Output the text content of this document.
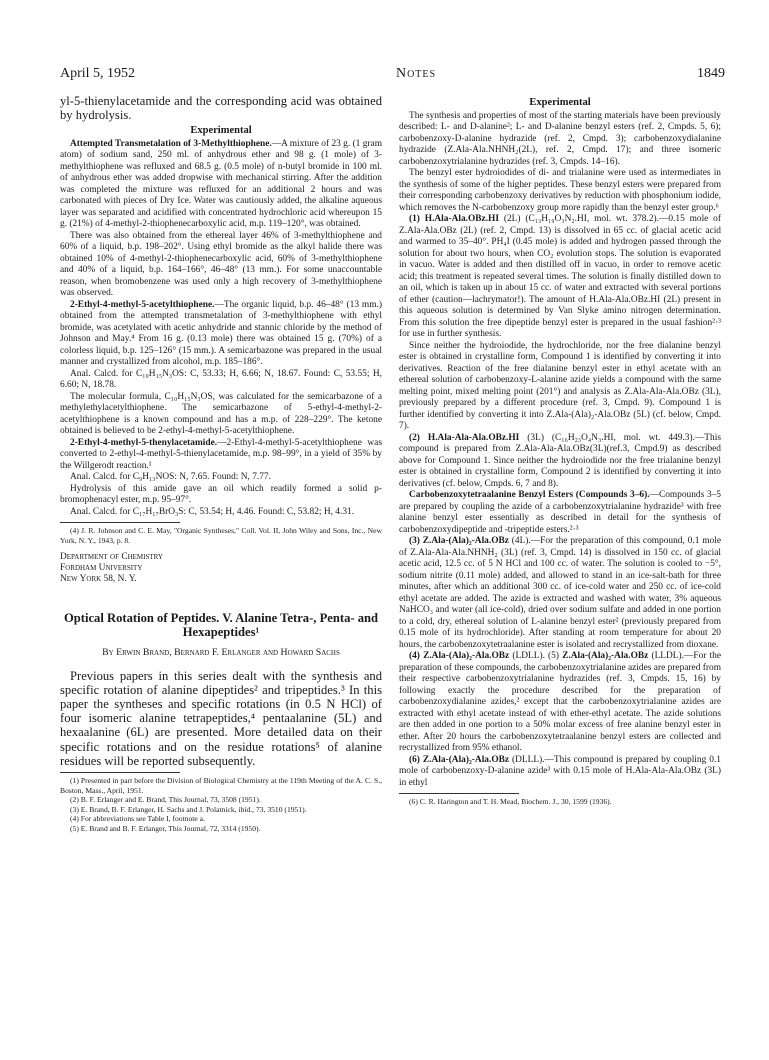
April 5, 1952	Notes	1849

yl-5-thienylacetamide and the corresponding acid was obtained by hydrolysis.

Experimental

Attempted Transmetalation of 3-Methylthiophene.—A mixture of 23 g. (1 gram atom) of sodium sand, 250 ml. of anhydrous ether and 98 g. (1 mole) of 3-methylthiophene was refluxed and 68.5 g. (0.5 mole) of n-butyl bromide in 100 ml. of anhydrous ether was added dropwise with mechanical stirring. After the addition was completed the mixture was refluxed for an additional 2 hours and was carbonated with pieces of Dry Ice. Water was cautiously added, the alkaline aqueous layer was separated and acidified with concentrated hydrochloric acid whereupon 15 g. (21%) of 4-methyl-2-thiophenecarboxylic acid, m.p. 119–120°, was obtained.

There was also obtained from the ethereal layer 46% of 3-methylthiophene and 60% of a liquid, b.p. 198–202°. Using ethyl bromide as the alkyl halide there was obtained 10% of 4-methyl-2-thiophenecarboxylic acid, 60% of 3-methylthiophene and 40% of a liquid, b.p. 164–166°, 46–48° (13 mm.). For some unaccountable reason, when bromobenzene was used only a high recovery of 3-methylthiophene was observed.

2-Ethyl-4-methyl-5-acetylthiophene.—The organic liquid, b.p. 46–48° (13 mm.) obtained from the attempted transmetalation of 3-methylthiophene with ethyl bromide, was acetylated with acetic anhydride and stannic chloride by the method of Johnson and May.⁴ From 16 g. (0.13 mole) there was obtained 15 g. (70%) of a colorless liquid, b.p. 125–126° (15 mm.). A semicarbazone was prepared in the usual manner and crystallized from alcohol, m.p. 185–186°.

Anal. Calcd. for C₁₀H₁₅N₃OS: C, 53.33; H, 6.66; N, 18.67. Found: C, 53.55; H, 6.60; N, 18.78.

The molecular formula, C₁₀H₁₅N₃OS, was calculated for the semicarbazone of a methylethylacetylthiophene. The semicarbazone of 5-ethyl-4-methyl-2-acetylthiophene is a known compound and has a m.p. of 228–229°. The ketone obtained is believed to be 2-ethyl-4-methyl-5-acetylthiophene.

2-Ethyl-4-methyl-5-thenylacetamide.—2-Ethyl-4-methyl-5-acetylthiophene was converted to 2-ethyl-4-methyl-5-thienylacetamide, m.p. 98–99°, in a yield of 35% by the Willgerodt reaction.¹

Anal. Calcd. for C₉H₁₃NOS: N, 7.65. Found: N, 7.77.

Hydrolysis of this amide gave an oil which readily formed a solid p-bromophenacyl ester, m.p. 95–97°.

Anal. Calcd. for C₁₇H₁₇BrO₃S: C, 53.54; H, 4.46. Found: C, 53.82; H, 4.31.

(4) J. R. Johnson and C. E. May, "Organic Syntheses," Coll. Vol. II, John Wiley and Sons, Inc., New York, N. Y., 1943, p. 8.

Department of Chemistry
Fordham University
New York 58, N. Y.
Optical Rotation of Peptides. V. Alanine Tetra-, Penta- and Hexapeptides¹
By Erwin Brand, Bernard F. Erlanger and Howard Sachs

Previous papers in this series dealt with the synthesis and specific rotation of alanine dipeptides² and tripeptides.³ In this paper the syntheses and specific rotations (in 0.5 N HCl) of four isomeric alanine tetrapeptides,⁴ pentaalanine (5L) and hexaalanine (6L) are presented. More detailed data on their specific rotations and on the residue rotations⁵ of alanine residues will be reported subsequently.

(1) Presented in part before the Division of Biological Chemistry at the 119th Meeting of the A. C. S., Boston, Mass., April, 1951.

(2) B. F. Erlanger and E. Brand, This Journal, 73, 3508 (1951).

(3) E. Brand, B. F. Erlanger, H. Sachs and J. Polatnick, ibid., 73, 3510 (1951).

(4) For abbreviations see Table I, footnote a.

(5) E. Brand and B. F. Erlanger, This Journal, 72, 3314 (1950).

Experimental

The synthesis and properties of most of the starting materials have been previously described: L- and D-alanine²; L- and D-alanine benzyl esters (ref. 2, Cmpds. 5, 6); carbobenzoxy-D-alanine hydrazide (ref. 2, Cmpd. 3); carbobenzoxydialanine hydrazide (Z.Ala-Ala.NHNH₂(2L), ref. 2, Cmpd. 17); and three isomeric carbobenzoxytrialanine hydrazides (ref. 3, Cmpds. 14–16).

The benzyl ester hydroiodides of di- and trialanine were used as intermediates in the synthesis of some of the higher peptides. These benzyl esters were prepared from their corresponding carbobenzoxy derivatives by reduction with phosphonium iodide, which removes the N-carbobenzoxy group more rapidly than the benzyl ester group.⁶

(1) H.Ala-Ala.OBz.HI (2L) (C₁₃H₁₉O₃N₂.HI, mol. wt. 378.2).—0.15 mole of Z.Ala-Ala.OBz (2L) (ref. 2, Cmpd. 13) is dissolved in 65 cc. of glacial acetic acid and warmed to 35–40°. PH₄I (0.45 mole) is added and hydrogen passed through the solution for about two hours, when CO₂ evolution stops. The solution is evaporated in vacuo. Water is added and then distilled off in vacuo, in order to remove acetic acid; this treatment is repeated several times. The solution is finally distilled down to an oil, which is taken up in about 15 cc. of water and extracted with several portions of ether (caution—lachrymator!). The amount of H.Ala-Ala.OBz.HI (2L) present in this aqueous solution is determined by Van Slyke amino nitrogen determination. From this solution the free dipeptide benzyl ester is prepared in the usual fashion²·³ for use in further synthesis.

Since neither the hydroiodide, the hydrochloride, nor the free dialanine benzyl ester is obtained in crystalline form, Compound 1 is identified by converting it into derivatives. Reaction of the free dialanine benzyl ester in ethyl acetate with an ethereal solution of carbobenzoxy-L-alanine azide yields a compound with the same melting point, mixed melting point (201°) and analysis as Z.Ala-Ala-Ala.OBz (3L), previously prepared by a different procedure (ref. 3, Cmpd. 9). Compound 1 is further identified by converting it into Z.Ala-(Ala)₂-Ala.OBz (5L) (cf. below, Cmpd. 7).

(2) H.Ala-Ala-Ala.OBz.HI (3L) (C₁₆H₂₃O₄N₃.HI, mol. wt. 449.3).—This compound is prepared from Z.Ala-Ala-Ala.OBz(3L)(ref.3, Cmpd.9) as described above for Compound 1. Since neither the hydroiodide nor the free trialanine benzyl ester is obtained in crystalline form, Compound 2 is identified by converting it into derivatives (cf. below, Cmpds. 6, 7 and 8).

Carbobenzoxytetraalanine Benzyl Esters (Compounds 3–6).—Compounds 3–5 are prepared by coupling the azide of a carbobenzoxytrialanine hydrazide³ with free alanine benzyl ester essentially as described in detail for the synthesis of carbobenzoxydipeptide and -tripeptide esters.²·³

(3) Z.Ala-(Ala)₂-Ala.OBz (4L).—For the preparation of this compound, 0.1 mole of Z.Ala-Ala-Ala.NHNH₂ (3L) (ref. 3, Cmpd. 14) is dissolved in 150 cc. of glacial acetic acid, 12.5 cc. of 5 N HCl and 100 cc. of water. The solution is cooled to −5°, sodium nitrite (0.11 mole) added, and allowed to stand in an ice-salt-bath for three minutes, after which an additional 300 cc. of ice-cold water and 250 cc. of ice-cold ethyl acetate are added. The azide is extracted and washed with water, 3% aqueous NaHCO₃ and water (all ice-cold), dried over sodium sulfate and added in one portion to a cold, dry, ethereal solution of L-alanine benzyl ester² (previously prepared from 0.15 mole of its hydrochloride). After standing at room temperature for about 20 hours, the carbobenzoxytetraalanine ester is isolated and recrystallized from dioxane.

(4) Z.Ala-(Ala)₂-Ala.OBz (LDLL). (5) Z.Ala-(Ala)₂-Ala.OBz (LLDL).—For the preparation of these compounds, the carbobenzoxytrialanine azides are prepared from their respective carbobenzoxytrialanine hydrazides (ref. 3, Cmpds. 15, 16) by following exactly the procedure described for the preparation of carbobenzoxydialanine azides,² except that the carbobenzoxytrialanine azides are extracted with ethyl acetate instead of with ether-ethyl acetate. The azide solutions are then added in one portion to a 50% molar excess of free alanine benzyl ester in ether. After 20 hours the carbobenzoxytetraalanine benzyl esters are collected and recrystallized from 95% ethanol.

(6) Z.Ala-(Ala)₂-Ala.OBz (DLLL).—This compound is prepared by coupling 0.1 mole of carbobenzoxy-D-alanine azide³ with 0.15 mole of H.Ala-Ala-Ala.OBz (3L) in ethyl

(6) C. R. Harington and T. H. Mead, Biochem. J., 30, 1599 (1936).
